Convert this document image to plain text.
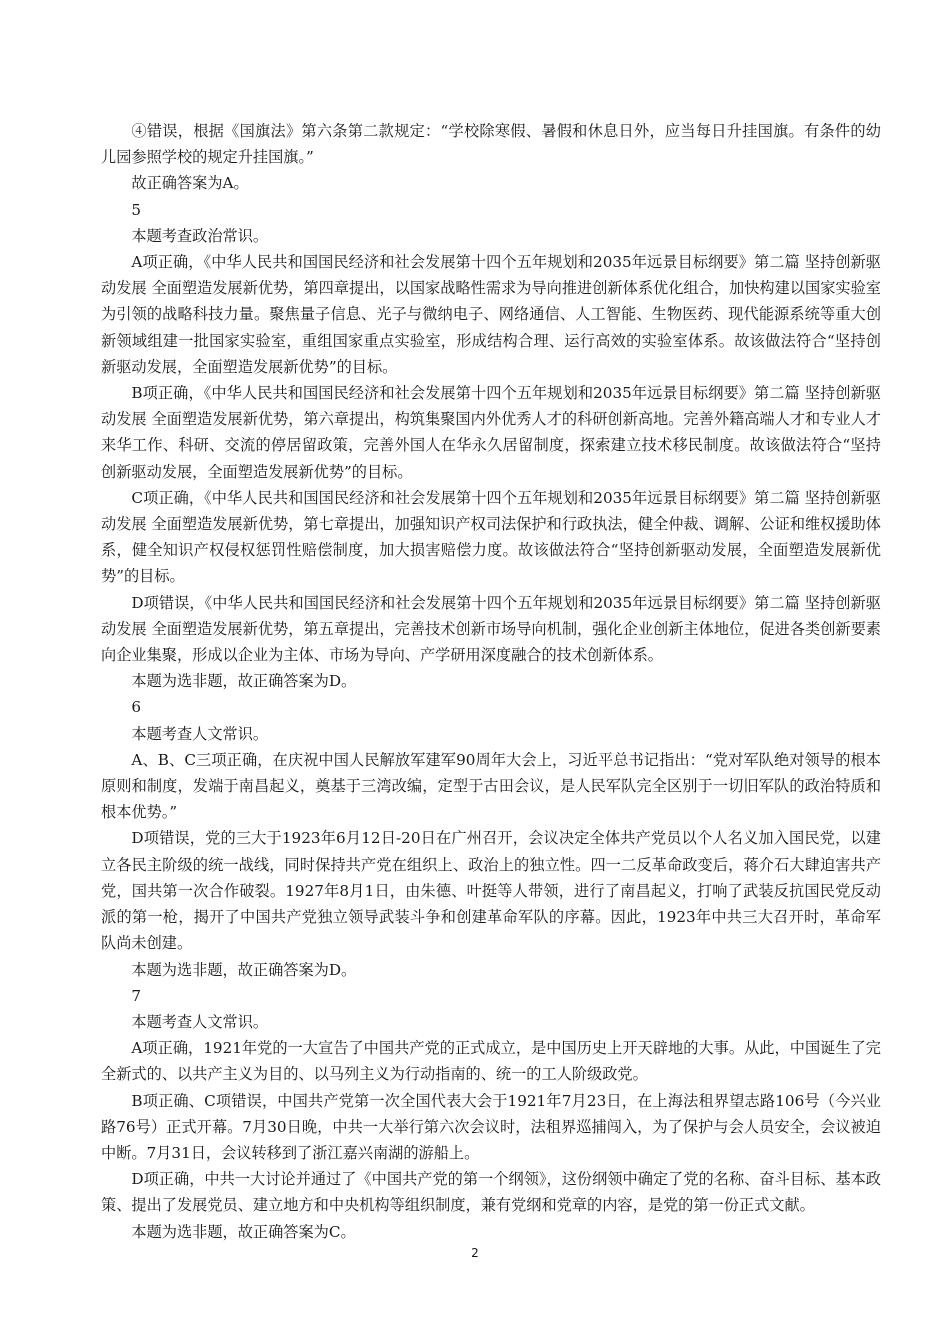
④错误，根据《国旗法》第六条第二款规定：“学校除寒假、暑假和休息日外，应当每日升挂国旗。有条件的幼儿园参照学校的规定升挂国旗。”

故正确答案为A。

5

本题考查政治常识。

A项正确，《中华人民共和国国民经济和社会发展第十四个五年规划和2035年远景目标纲要》第二篇 坚持创新驱动发展 全面塑造发展新优势，第四章提出，以国家战略性需求为导向推进创新体系优化组合，加快构建以国家实验室为引领的战略科技力量。聚焦量子信息、光子与微纳电子、网络通信、人工智能、生物医药、现代能源系统等重大创新领域组建一批国家实验室，重组国家重点实验室，形成结构合理、运行高效的实验室体系。故该做法符合“坚持创新驱动发展，全面塑造发展新优势”的目标。

B项正确，《中华人民共和国国民经济和社会发展第十四个五年规划和2035年远景目标纲要》第二篇 坚持创新驱动发展 全面塑造发展新优势，第六章提出，构筑集聚国内外优秀人才的科研创新高地。完善外籍高端人才和专业人才来华工作、科研、交流的停居留政策，完善外国人在华永久居留制度，探索建立技术移民制度。故该做法符合“坚持创新驱动发展，全面塑造发展新优势”的目标。

C项正确，《中华人民共和国国民经济和社会发展第十四个五年规划和2035年远景目标纲要》第二篇 坚持创新驱动发展 全面塑造发展新优势，第七章提出，加强知识产权司法保护和行政执法，健全仲裁、调解、公证和维权援助体系，健全知识产权侵权惩罚性赔偿制度，加大损害赔偿力度。故该做法符合“坚持创新驱动发展，全面塑造发展新优势”的目标。

D项错误，《中华人民共和国国民经济和社会发展第十四个五年规划和2035年远景目标纲要》第二篇 坚持创新驱动发展 全面塑造发展新优势，第五章提出，完善技术创新市场导向机制，强化企业创新主体地位，促进各类创新要素向企业集聚，形成以企业为主体、市场为导向、产学研用深度融合的技术创新体系。

本题为选非题，故正确答案为D。

6

本题考查人文常识。

A、B、C三项正确，在庆祝中国人民解放军建军90周年大会上，习近平总书记指出：“党对军队绝对领导的根本原则和制度，发端于南昌起义，奠基于三湾改编，定型于古田会议，是人民军队完全区别于一切旧军队的政治特质和根本优势。”

D项错误，党的三大于1923年6月12日-20日在广州召开，会议决定全体共产党员以个人名义加入国民党，以建立各民主阶级的统一战线，同时保持共产党在组织上、政治上的独立性。四一二反革命政变后，蒋介石大肆迫害共产党，国共第一次合作破裂。1927年8月1日，由朱德、叶挺等人带领，进行了南昌起义，打响了武装反抗国民党反动派的第一枪，揭开了中国共产党独立领导武装斗争和创建革命军队的序幕。因此，1923年中共三大召开时，革命军队尚未创建。

本题为选非题，故正确答案为D。

7

本题考查人文常识。

A项正确，1921年党的一大宣告了中国共产党的正式成立，是中国历史上开天辟地的大事。从此，中国诞生了完全新式的、以共产主义为目的、以马列主义为行动指南的、统一的工人阶级政党。

B项正确、C项错误，中国共产党第一次全国代表大会于1921年7月23日，在上海法租界望志路106号（今兴业路76号）正式开幕。7月30日晚，中共一大举行第六次会议时，法租界巡捕闯入，为了保护与会人员安全，会议被迫中断。7月31日，会议转移到了浙江嘉兴南湖的游船上。

D项正确，中共一大讨论并通过了《中国共产党的第一个纲领》，这份纲领中确定了党的名称、奋斗目标、基本政策、提出了发展党员、建立地方和中央机构等组织制度，兼有党纲和党章的内容，是党的第一份正式文献。

本题为选非题，故正确答案为C。

2
